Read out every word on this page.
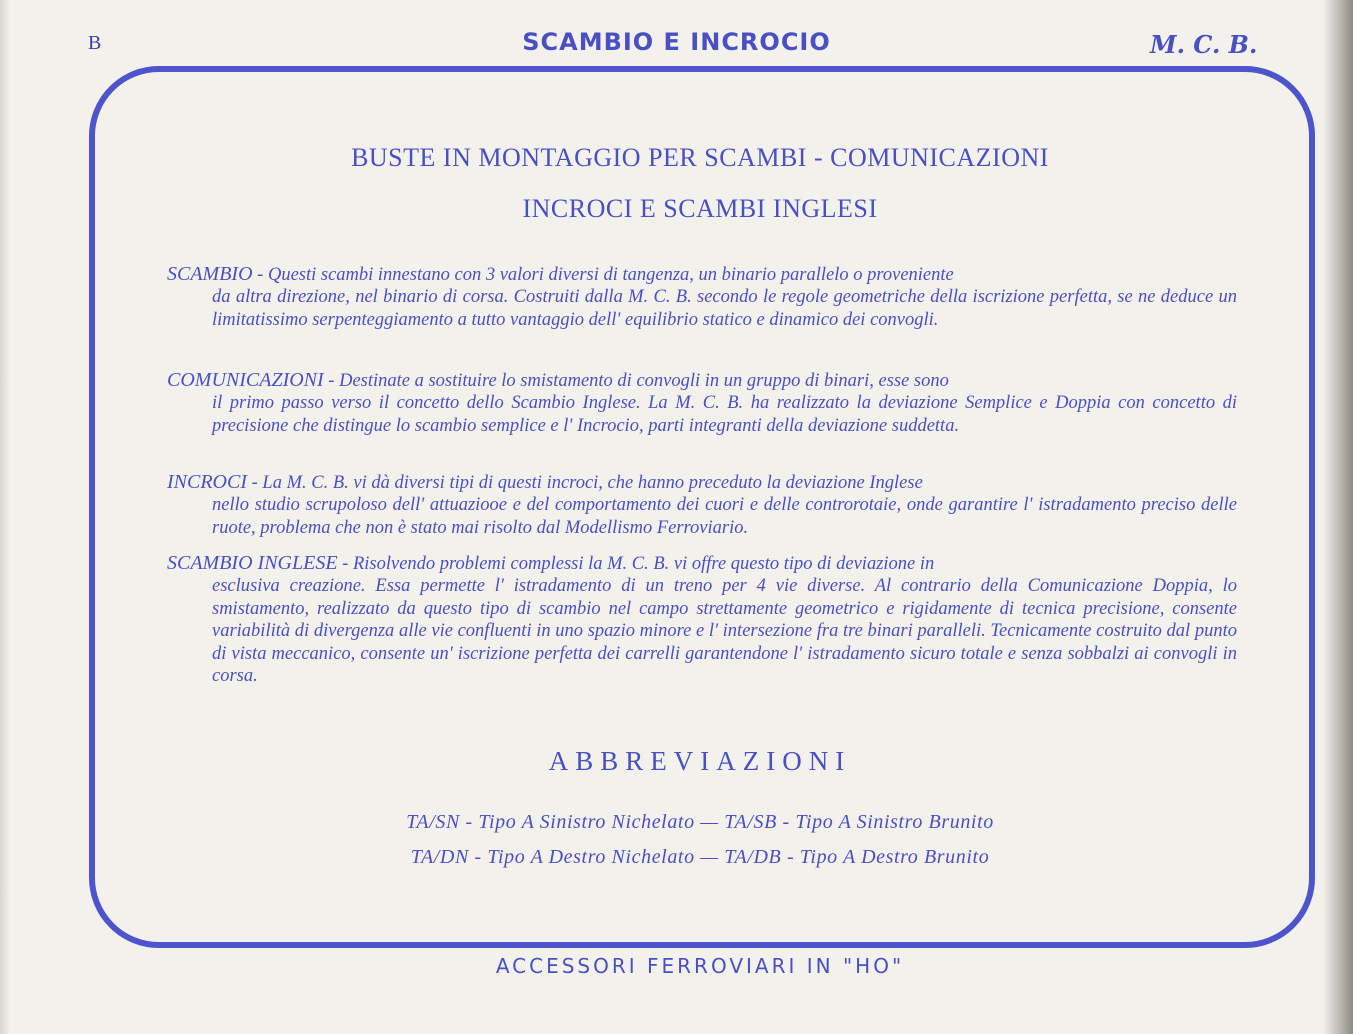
B	SCAMBIO E INCROCIO	M. C. B.
BUSTE IN MONTAGGIO PER SCAMBI - COMUNICAZIONI
INCROCI E SCAMBI INGLESI
SCAMBIO - Questi scambi innestano con 3 valori diversi di tangenza, un binario parallelo o proveniente
da altra direzione, nel binario di corsa. Costruiti dalla M. C. B. secondo le regole geometriche della iscrizione perfetta, se ne deduce un limitatissimo serpenteggiamento a tutto vantaggio dell' equilibrio statico e dinamico dei convogli.
COMUNICAZIONI - Destinate a sostituire lo smistamento di convogli in un gruppo di binari, esse sono
il primo passo verso il concetto dello Scambio Inglese. La M. C. B. ha realizzato la deviazione Semplice e Doppia con concetto di precisione che distingue lo scambio semplice e l' Incrocio, parti integranti della deviazione suddetta.
INCROCI - La M. C. B. vi dà diversi tipi di questi incroci, che hanno preceduto la deviazione Inglese
nello studio scrupoloso dell' attuazioоe e del comportamento dei cuori e delle controrotaie, onde garantire l' istradamento preciso delle ruote, problema che non è stato mai risolto dal Modellismo Ferroviario.
SCAMBIO INGLESE - Risolvendo problemi complessi la M. C. B. vi offre questo tipo di deviazione in
esclusiva creazione. Essa permette l' istradamento di un treno per 4 vie diverse. Al contrario della Comunicazione Doppia, lo smistamento, realizzato da questo tipo di scambio nel campo strettamente geometrico e rigidamente di tecnica precisione, consente variabilità di divergenza alle vie confluenti in uno spazio minore e l' intersezione fra tre binari paralleli. Tecnicamente costruito dal punto di vista meccanico, consente un' iscrizione perfetta dei carrelli garantendone l' istradamento sicuro totale e senza sobbalzi ai convogli in corsa.
ABBREVIAZIONI
TA/SN - Tipo A Sinistro Nichelato — TA/SB - Tipo A Sinistro Brunito
TA/DN - Tipo A Destro Nichelato — TA/DB - Tipo A Destro Brunito
ACCESSORI FERROVIARI IN "HO"
